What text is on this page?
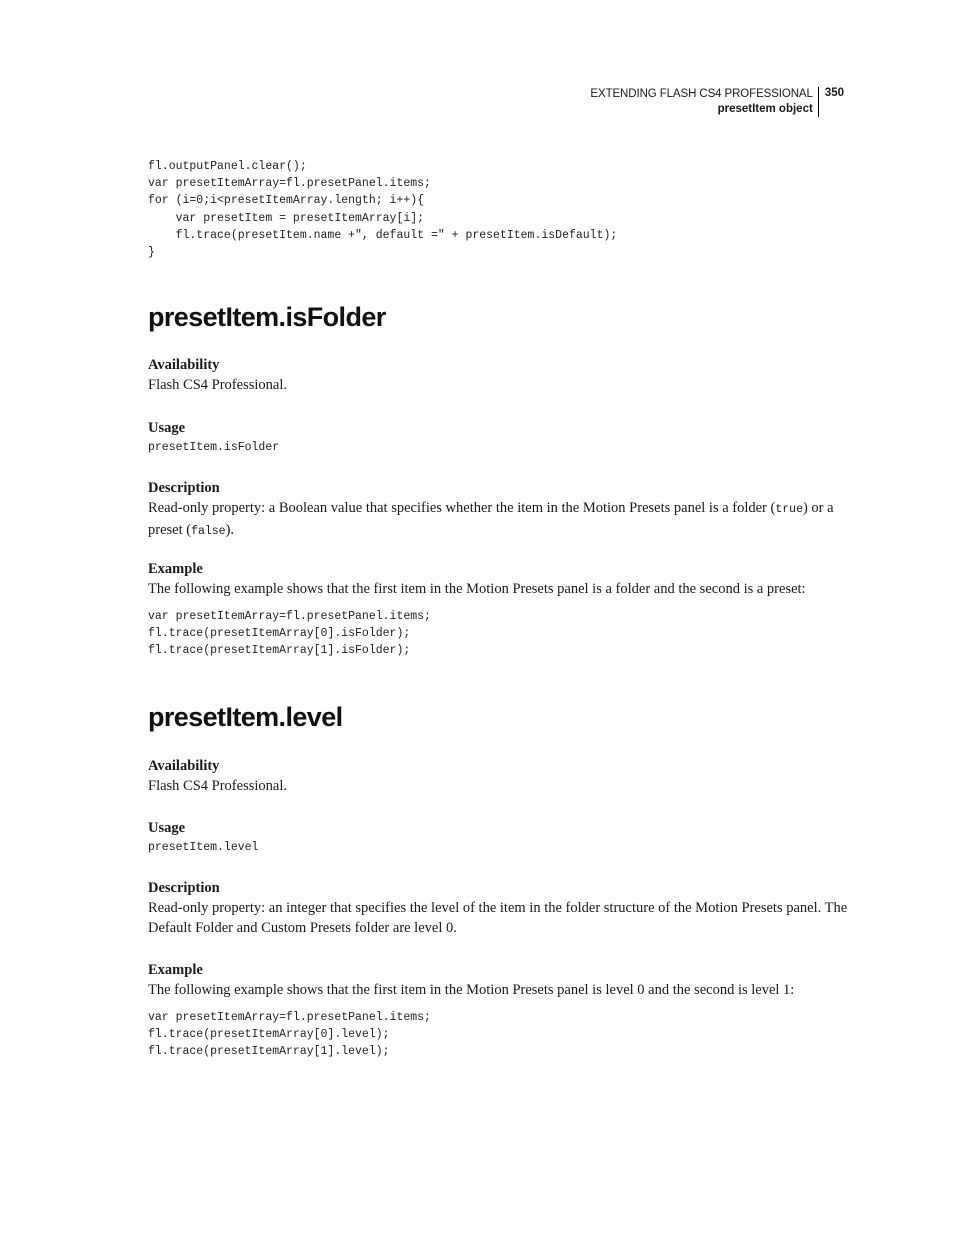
EXTENDING FLASH CS4 PROFESSIONAL
presetItem object
350
fl.outputPanel.clear();
var presetItemArray=fl.presetPanel.items;
for (i=0;i<presetItemArray.length; i++){
var presetItem = presetItemArray[i];
fl.trace(presetItem.name +", default =" + presetItem.isDefault);
}
presetItem.isFolder
Availability

Flash CS4 Professional.

Usage
presetItem.isFolder
Description

Read-only property: a Boolean value that specifies whether the item in the Motion Presets panel is a folder (true) or a preset (false).

Example

The following example shows that the first item in the Motion Presets panel is a folder and the second is a preset:

var presetItemArray=fl.presetPanel.items;
fl.trace(presetItemArray[0].isFolder);
fl.trace(presetItemArray[1].isFolder);
presetItem.level
Availability

Flash CS4 Professional.

Usage
presetItem.level
Description

Read-only property: an integer that specifies the level of the item in the folder structure of the Motion Presets panel. The Default Folder and Custom Presets folder are level 0.

Example

The following example shows that the first item in the Motion Presets panel is level 0 and the second is level 1:

var presetItemArray=fl.presetPanel.items;
fl.trace(presetItemArray[0].level);
fl.trace(presetItemArray[1].level);
